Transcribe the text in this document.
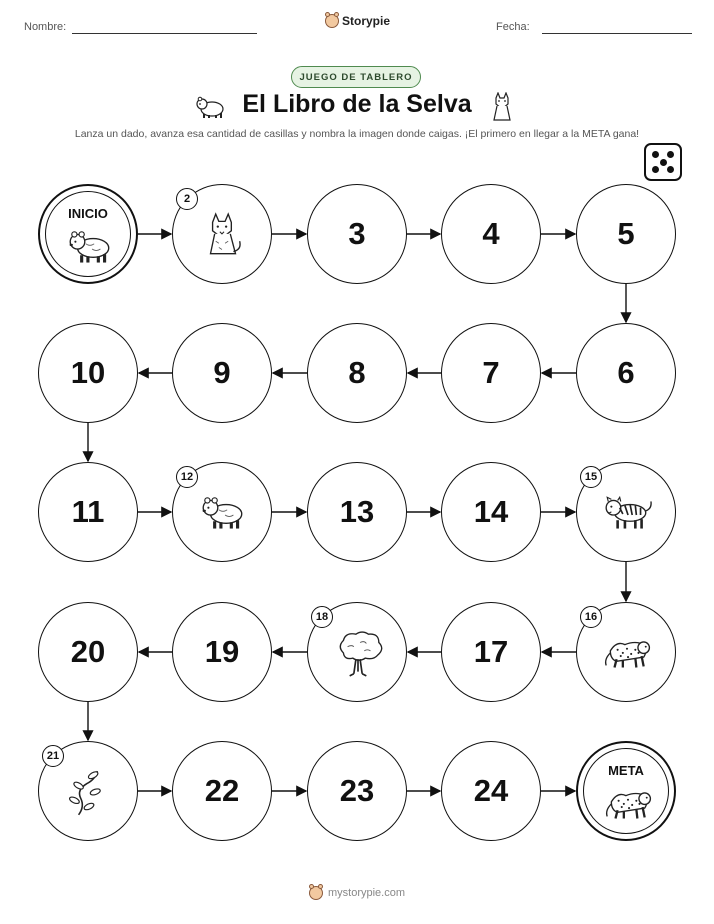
Nombre:	Storypie	Fecha:
JUEGO DE TABLERO
El Libro de la Selva
Lanza un dado, avanza esa cantidad de casillas y nombra la imagen donde caigas. ¡El primero en llegar a la META gana!
INICIO
2
3	4	5
6
7
8
9
10
11
12
13	14
15
16
17
18
19
20
21
22	23	24
META
mystorypie.com
